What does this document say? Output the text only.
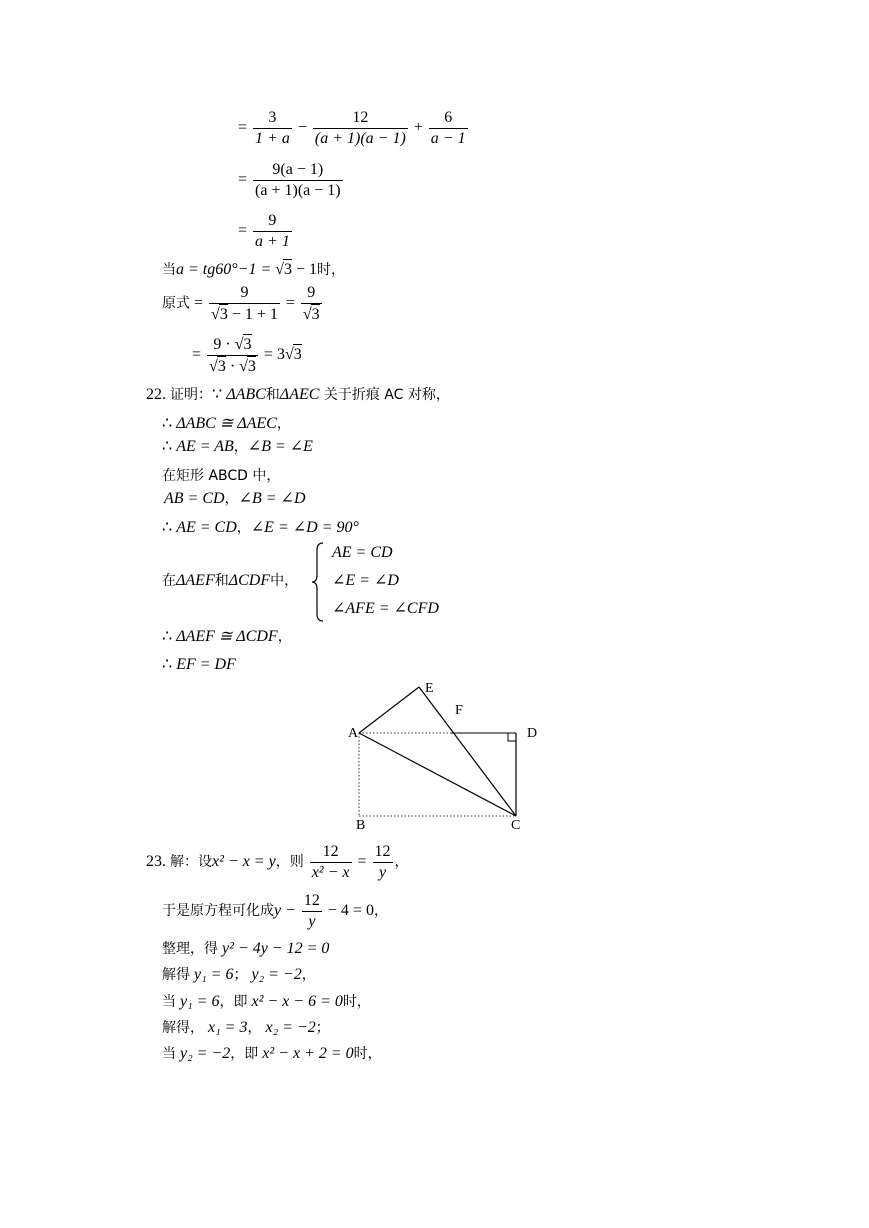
= $\frac{3}{1 + a} - \frac{12}{(a + 1)(a - 1)} + \frac{6}{a - 1}$
= $\frac{9(a - 1)}{(a + 1)(a - 1)}$
= $\frac{9}{a + 1}$
当a = tg60°−1 = √3 − 1时，
原式 = $\frac{9}{√3 - 1 + 1} = \frac{9}{√3}$
= $\frac{9 \cdot √3}{√3 \cdot √3} = 3√3$
22. 证明：∵ ΔABC和ΔAEC 关于折痕 AC 对称，
∴ ΔABC ≅ ΔAEC，
∴ AE = AB，∠B = ∠E
在矩形 ABCD 中，
AB = CD，∠B = ∠D
∴ AE = CD，∠E = ∠D = 90°
在ΔAEF和ΔCDF中，
AE = CD
∠E = ∠D
∠AFE = ∠CFD
∴ ΔAEF ≅ ΔCDF，
∴ EF = DF
A
E
F
D
B	C
23. 解：设x² − x = y，则 $\frac{12}{\text{x² − x}} = \frac{12}{y}$ ，
于是原方程可化成$y - \frac{12}{y} - 4 = 0$，
整理，得 y² − 4y − 12 = 0
解得 y₁ = 6； y₂ = −2，
当 y₁ = 6，即 x² − x − 6 = 0时，
解得， x₁ = 3， x₂ = −2；
当 y₂ = −2，即 x² − x + 2 = 0时，
